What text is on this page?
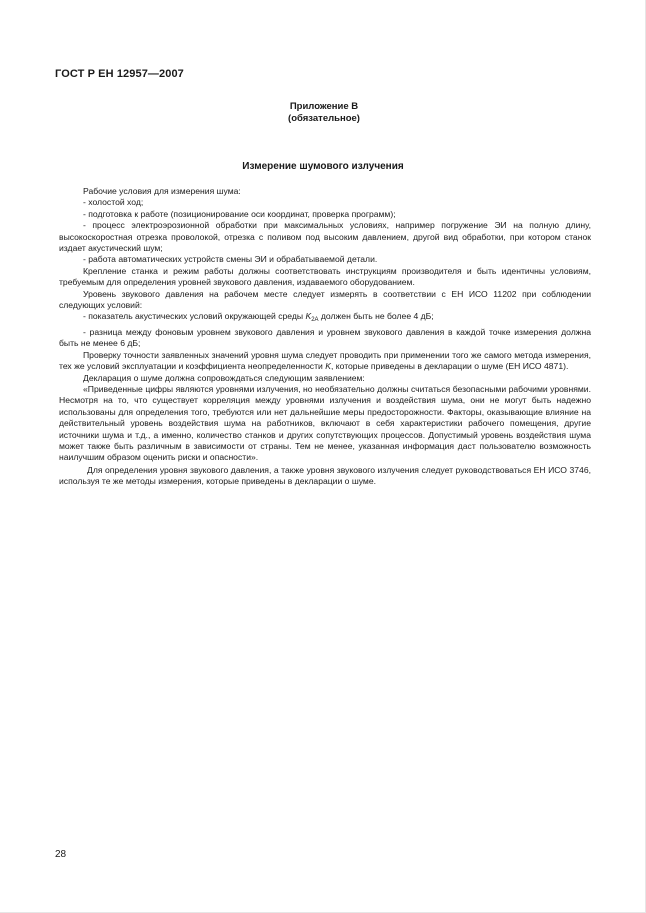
ГОСТ Р ЕН 12957—2007
Приложение В
(обязательное)
Измерение шумового излучения

Рабочие условия для измерения шума:

- холостой ход;

- подготовка к работе (позиционирование оси координат, проверка программ);

- процесс электроэрозионной обработки при максимальных условиях, например погружение ЭИ на полную длину, высокоскоростная отрезка проволокой, отрезка с поливом под высоким давлением, другой вид обработки, при котором станок издает акустический шум;

- работа автоматических устройств смены ЭИ и обрабатываемой детали.

Крепление станка и режим работы должны соответствовать инструкциям производителя и быть идентичны условиям, требуемым для определения уровней звукового давления, издаваемого оборудованием.

Уровень звукового давления на рабочем месте следует измерять в соответствии с ЕН ИСО 11202 при соблюдении следующих условий:

- показатель акустических условий окружающей среды $K_{2A}$ должен быть не более 4 дБ;

- разница между фоновым уровнем звукового давления и уровнем звукового давления в каждой точке измерения должна быть не менее 6 дБ;

Проверку точности заявленных значений уровня шума следует проводить при применении того же самого метода измерения, тех же условий эксплуатации и коэффициента неопределенности K, которые приведены в декларации о шуме (ЕН ИСО 4871).

Декларация о шуме должна сопровождаться следующим заявлением:

«Приведенные цифры являются уровнями излучения, но необязательно должны считаться безопасными рабочими уровнями. Несмотря на то, что существует корреляция между уровнями излучения и воздействия шума, они не могут быть надежно использованы для определения того, требуются или нет дальнейшие меры предосторожности. Факторы, оказывающие влияние на действительный уровень воздействия шума на работников, включают в себя характеристики рабочего помещения, другие источники шума и т.д., а именно, количество станков и других сопутствующих процессов. Допустимый уровень воздействия шума может также быть различным в зависимости от страны. Тем не менее, указанная информация даст пользователю возможность наилучшим образом оценить риски и опасности».

Для определения уровня звукового давления, а также уровня звукового излучения следует руководствоваться ЕН ИСО 3746, используя те же методы измерения, которые приведены в декларации о шуме.

28
